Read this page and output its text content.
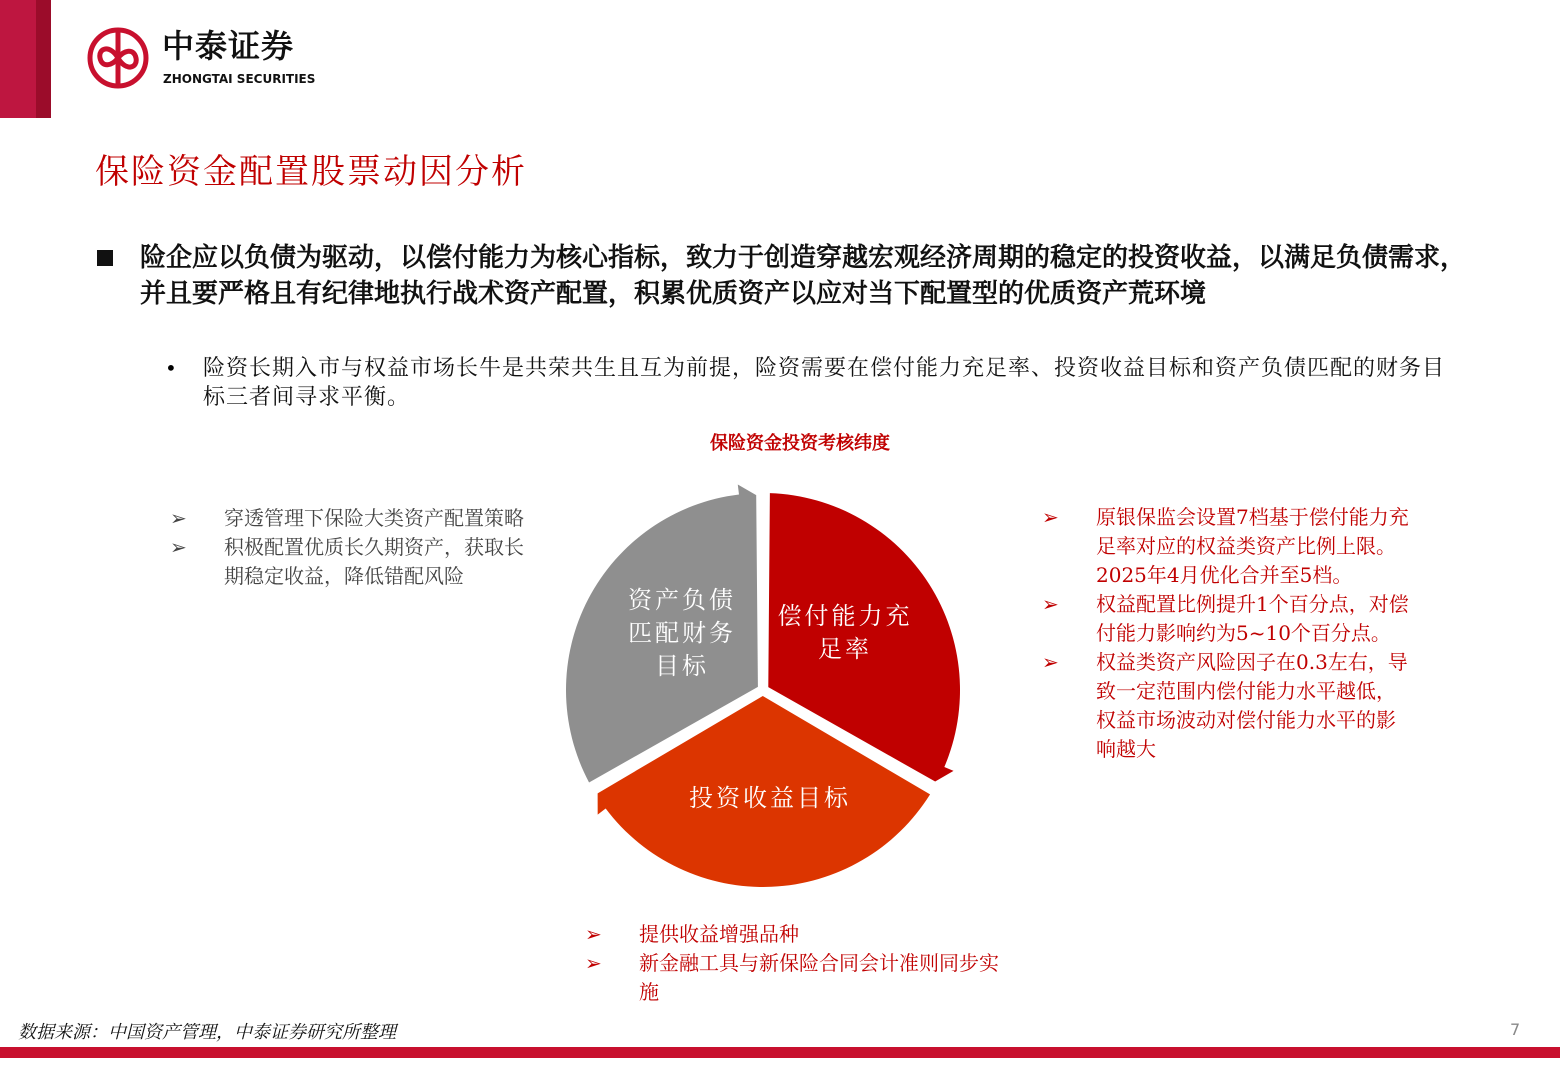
中泰证券
ZHONGTAI SECURITIES
保险资金配置股票动因分析
险企应以负债为驱动，以偿付能力为核心指标，致力于创造穿越宏观经济周期的稳定的投资收益，以满足负债需求，并且要严格且有纪律地执行战术资产配置，积累优质资产以应对当下配置型的优质资产荒环境
• 险资长期入市与权益市场长牛是共荣共生且互为前提，险资需要在偿付能力充足率、投资收益目标和资产负债匹配的财务目标三者间寻求平衡。
保险资金投资考核纬度
偿付能力充足率
投资收益目标
资产负债匹配财务目标
➢ 穿透管理下保险大类资产配置策略
➢ 积极配置优质长久期资产，获取长期稳定收益，降低错配风险
➢ 原银保监会设置7档基于偿付能力充足率对应的权益类资产比例上限。2025年4月优化合并至5档。
➢ 权益配置比例提升1个百分点，对偿付能力影响约为5~10个百分点。
➢ 权益类资产风险因子在0.3左右，导致一定范围内偿付能力水平越低，权益市场波动对偿付能力水平的影响越大
➢ 提供收益增强品种
➢ 新金融工具与新保险合同会计准则同步实施
数据来源：中国资产管理，中泰证券研究所整理	7
